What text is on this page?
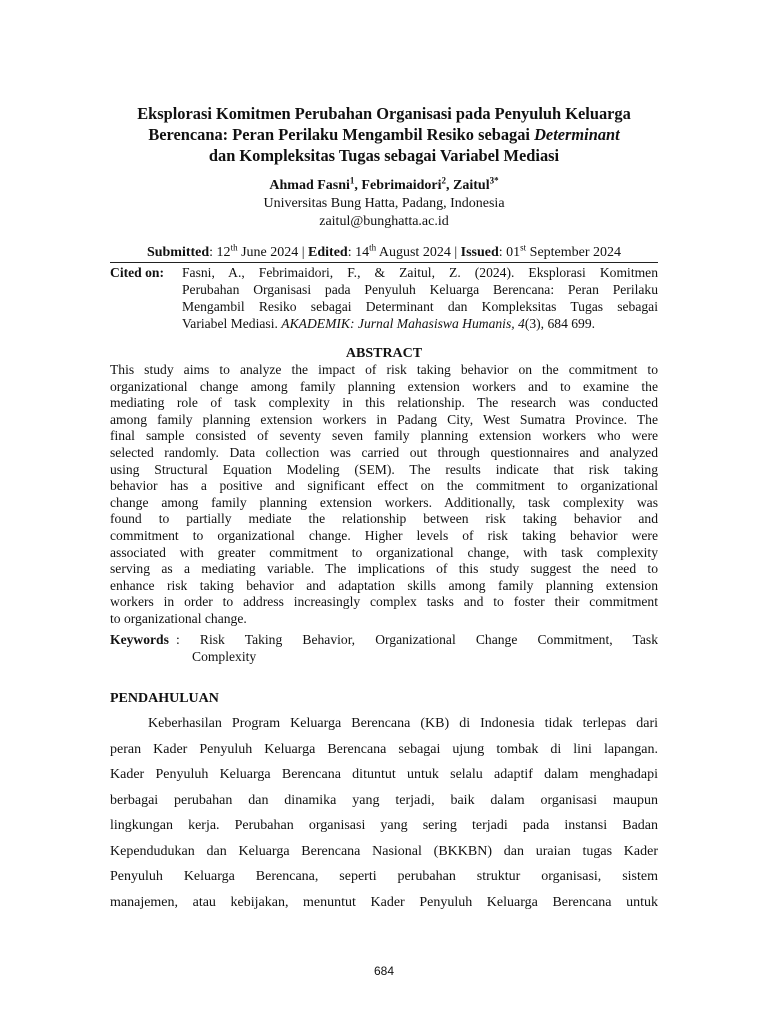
Eksplorasi Komitmen Perubahan Organisasi pada Penyuluh Keluarga
Berencana: Peran Perilaku Mengambil Resiko sebagai Determinant
dan Kompleksitas Tugas sebagai Variabel Mediasi
Ahmad Fasni$^1$, Febrimaidori$^2$, Zaitul$^{3*}$
Universitas Bung Hatta, Padang, Indonesia
zaitul@bunghatta.ac.id
Submitted: 12th June 2024 | Edited: 14th August 2024 | Issued: 01st September 2024
Cited on: Fasni, A., Febrimaidori, F., & Zaitul, Z. (2024). Eksplorasi Komitmen
Perubahan Organisasi pada Penyuluh Keluarga Berencana: Peran Perilaku
Mengambil Resiko sebagai Determinant dan Kompleksitas Tugas sebagai
Variabel Mediasi. AKADEMIK: Jurnal Mahasiswa Humanis, 4(3), 684 699.
ABSTRACT
This study aims to analyze the impact of risk taking behavior on the commitment to
organizational change among family planning extension workers and to examine the
mediating role of task complexity in this relationship. The research was conducted
among family planning extension workers in Padang City, West Sumatra Province. The
final sample consisted of seventy seven family planning extension workers who were
selected randomly. Data collection was carried out through questionnaires and analyzed
using Structural Equation Modeling (SEM). The results indicate that risk taking
behavior has a positive and significant effect on the commitment to organizational
change among family planning extension workers. Additionally, task complexity was
found to partially mediate the relationship between risk taking behavior and
commitment to organizational change. Higher levels of risk taking behavior were
associated with greater commitment to organizational change, with task complexity
serving as a mediating variable. The implications of this study suggest the need to
enhance risk taking behavior and adaptation skills among family planning extension
workers in order to address increasingly complex tasks and to foster their commitment
to organizational change.
Keywords : Risk Taking Behavior, Organizational Change Commitment, Task
Complexity
PENDAHULUAN
Keberhasilan Program Keluarga Berencana (KB) di Indonesia tidak terlepas dari
peran Kader Penyuluh Keluarga Berencana sebagai ujung tombak di lini lapangan.
Kader Penyuluh Keluarga Berencana dituntut untuk selalu adaptif dalam menghadapi
berbagai perubahan dan dinamika yang terjadi, baik dalam organisasi maupun
lingkungan kerja. Perubahan organisasi yang sering terjadi pada instansi Badan
Kependudukan dan Keluarga Berencana Nasional (BKKBN) dan uraian tugas Kader
Penyuluh Keluarga Berencana, seperti perubahan struktur organisasi, sistem
manajemen, atau kebijakan, menuntut Kader Penyuluh Keluarga Berencana untuk
684
